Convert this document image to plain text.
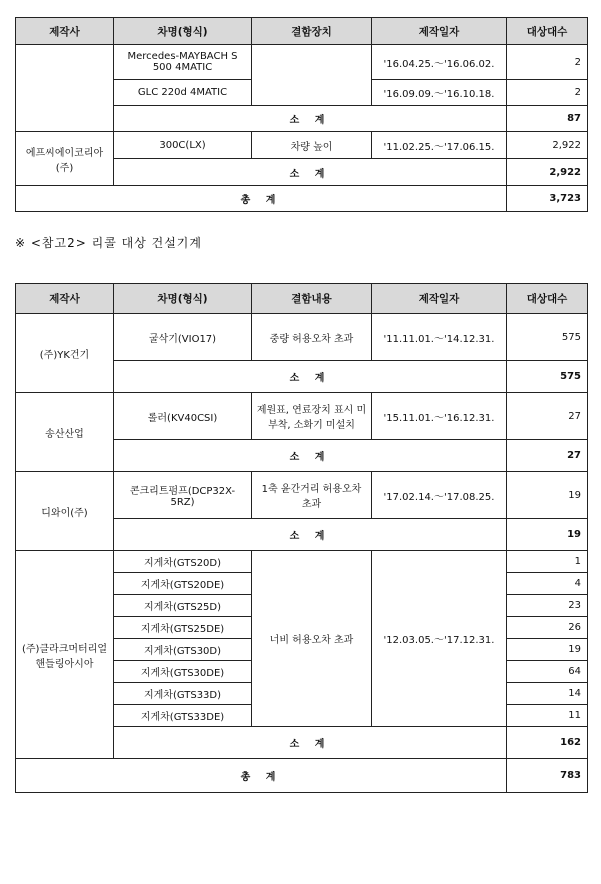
제작사	차명(형식)	결함장치	제작일자	대상대수
	Mercedes-MAYBACH S 500 4MATIC		'16.04.25.～'16.06.02.	2
	GLC 220d 4MATIC		'16.09.09.～'16.10.18.	2
	소 계			87
에프씨에이코리아 (주)	300C(LX)	차량 높이	'11.02.25.～'17.06.15.	2,922
	소 계			2,922
총 계				3,723
※ <참고2> 리콜 대상 건설기계
제작사	차명(형식)	결함내용	제작일자	대상대수
(주)YK건기	굴삭기(VIO17)	중량 허용오차 초과	'11.11.01.～'14.12.31.	575
	소 계			575
송산산업	롤러(KV40CSI)	제원표, 연료장치 표시 미부착, 소화기 미설치	'15.11.01.～'16.12.31.	27
	소 계			27
디와이(주)	콘크리트펌프(DCP32X-5RZ)	1축 윤간거리 허용오차 초과	'17.02.14.～'17.08.25.	19
	소 계			19
(주)클라크머터리얼 핸들링아시아	지게차(GTS20D)	너비 허용오차 초과	'12.03.05.～'17.12.31.	1
	지게차(GTS20DE)			4
	지게차(GTS25D)			23
	지게차(GTS25DE)			26
	지게차(GTS30D)			19
	지게차(GTS30DE)			64
	지게차(GTS33D)			14
	지게차(GTS33DE)			11
	소 계			162
총 계				783
